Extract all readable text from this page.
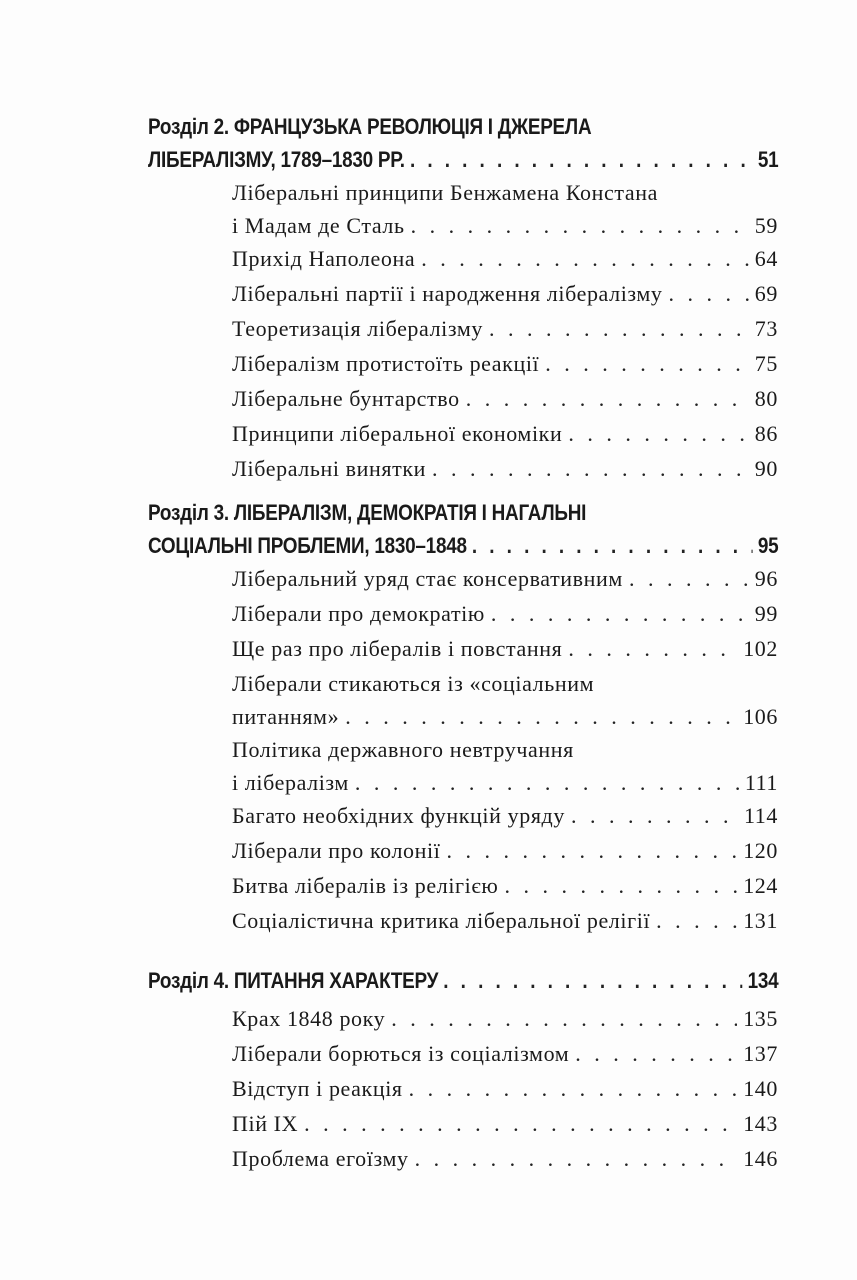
Розділ 2. ФРАНЦУЗЬКА РЕВОЛЮЦІЯ І ДЖЕРЕЛА
ЛІБЕРАЛІЗМУ, 1789–1830 РР. . . .	51
Ліберальні принципи Бенжамена Констана
і Мадам де Сталь . . .	59
Прихід Наполеона . . .	64
Ліберальні партії і народження лібералізму . . .	69
Теоретизація лібералізму . . .	73
Лібералізм протистоїть реакції . . .	75
Ліберальне бунтарство . . .	80
Принципи ліберальної економіки . . .	86
Ліберальні винятки . . .	90
Розділ 3. ЛІБЕРАЛІЗМ, ДЕМОКРАТІЯ І НАГАЛЬНІ
СОЦІАЛЬНІ ПРОБЛЕМИ, 1830–1848 . . .	95
Ліберальний уряд стає консервативним . . .	96
Ліберали про демократію . . .	99
Ще раз про лібералів і повстання . . .	102
Ліберали стикаються із «соціальним
питанням» . . .	106
Політика державного невтручання
і лібералізм . . .	111
Багато необхідних функцій уряду . . .	114
Ліберали про колонії . . .	120
Битва лібералів із релігією . . .	124
Соціалістична критика ліберальної релігії . . .	131
Розділ 4. ПИТАННЯ ХАРАКТЕРУ . . .	134
Крах 1848 року . . .	135
Ліберали борються із соціалізмом . . .	137
Відступ і реакція . . .	140
Пій IX . . .	143
Проблема егоїзму . . .	146
